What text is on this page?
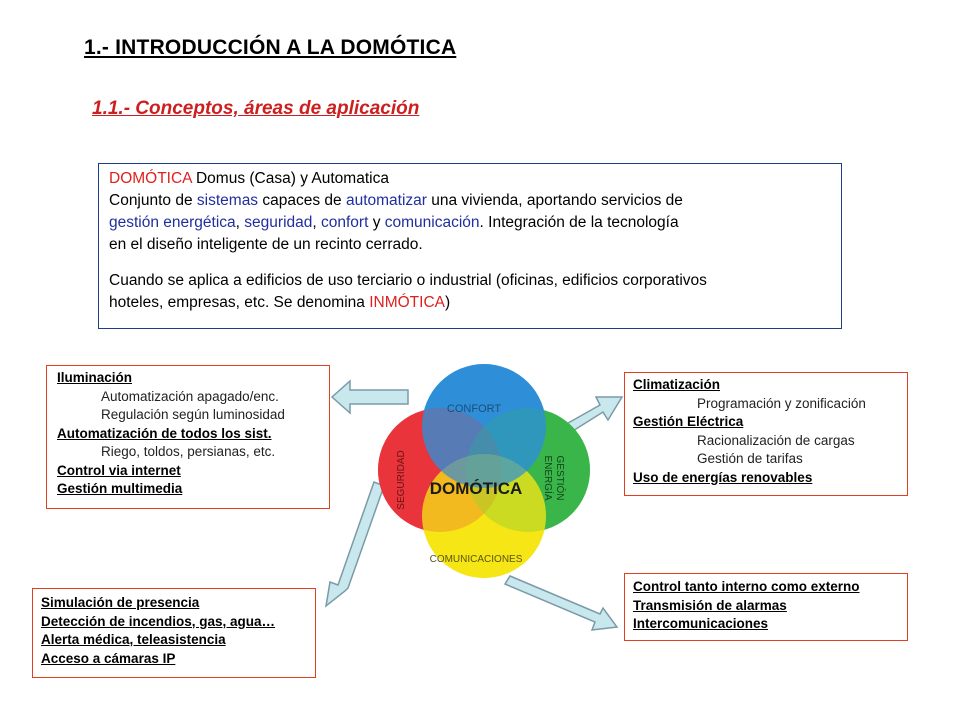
1.- INTRODUCCIÓN A LA DOMÓTICA
1.1.- Conceptos, áreas de aplicación
DOMÓTICA Domus (Casa) y Automatica
Conjunto de sistemas capaces de automatizar una vivienda, aportando servicios de
gestión energética, seguridad, confort y comunicación. Integración de la tecnología
en el diseño inteligente de un recinto cerrado.
Cuando se aplica a edificios de uso terciario o industrial (oficinas, edificios corporativos
hoteles, empresas, etc. Se denomina INMÓTICA)
CONFORT
SEGURIDAD	GESTIÓN
ENERGÍA
COMUNICACIONES
DOMÓTICA
Iluminación
Automatización apagado/enc.
Regulación según luminosidad
Automatización de todos los sist.
Riego, toldos, persianas, etc.
Control via internet
Gestión multimedia
Climatización
Programación y zonificación
Gestión Eléctrica
Racionalización de cargas
Gestión de tarifas
Uso de energías renovables
Simulación de presencia
Detección de incendios, gas, agua…
Alerta médica, teleasistencia
Acceso a cámaras IP
Control tanto interno como externo
Transmisión de alarmas
Intercomunicaciones
